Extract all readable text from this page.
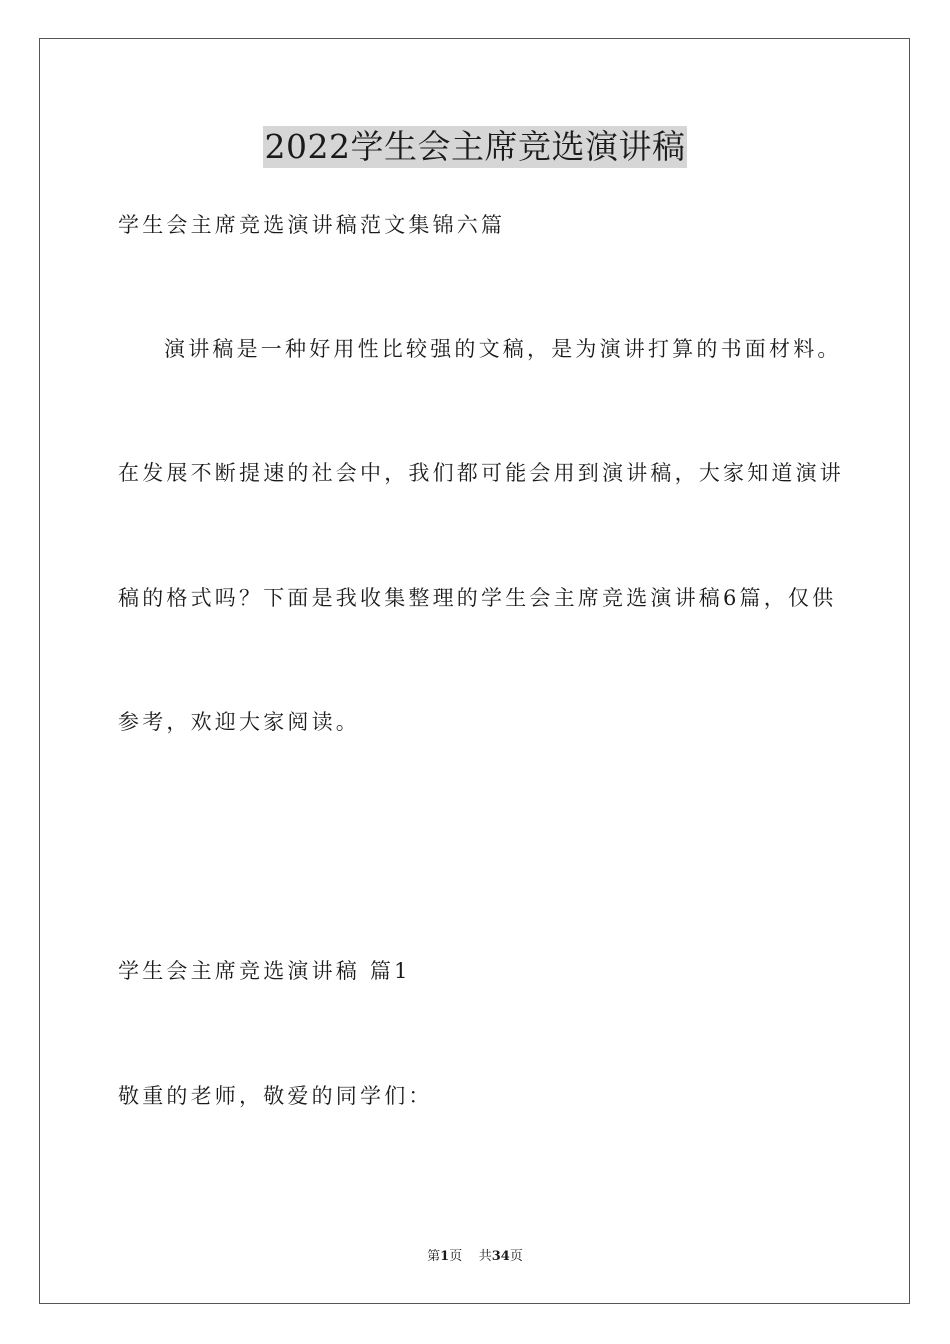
2022学生会主席竞选演讲稿
学生会主席竞选演讲稿范文集锦六篇
演讲稿是一种好用性比较强的文稿，是为演讲打算的书面材料。
在发展不断提速的社会中，我们都可能会用到演讲稿，大家知道演讲
稿的格式吗？下面是我收集整理的学生会主席竞选演讲稿6篇，仅供
参考，欢迎大家阅读。
学生会主席竞选演讲稿 篇1
敬重的老师，敬爱的同学们：
第1页 共34页
